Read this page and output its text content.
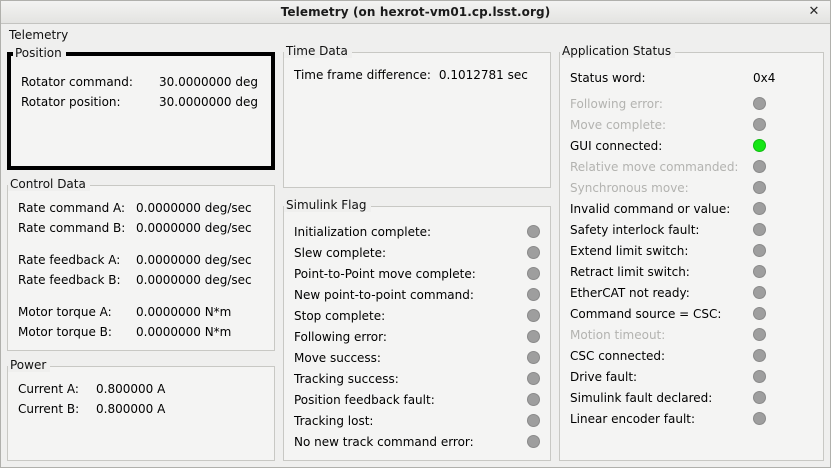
Telemetry (on hexrot-vm01.cp.lsst.org)	✕
Telemetry
Position
Rotator command:	30.0000000 deg
Rotator position:	30.0000000 deg
Control Data
Rate command A: 0.0000000 deg/sec
Rate command B: 0.0000000 deg/sec
Rate feedback A:	0.0000000 deg/sec
Rate feedback B:	0.0000000 deg/sec
Motor torque A:	0.0000000 N*m
Motor torque B:	0.0000000 N*m
Power
Current A:	0.800000 A
Current B:	0.800000 A
Time Data
Time frame difference: 0.1012781 sec
Simulink Flag
Initialization complete:
Slew complete:
Point-to-Point move complete:
New point-to-point command:
Stop complete:
Following error:
Move success:
Tracking success:
Position feedback fault:
Tracking lost:
No new track command error:
Application Status
Status word:	0x4
Following error:
Move complete:
GUI connected:
Relative move commanded:
Synchronous move:
Invalid command or value:
Safety interlock fault:
Extend limit switch:
Retract limit switch:
EtherCAT not ready:
Command source = CSC:
Motion timeout:
CSC connected:
Drive fault:
Simulink fault declared:
Linear encoder fault:
